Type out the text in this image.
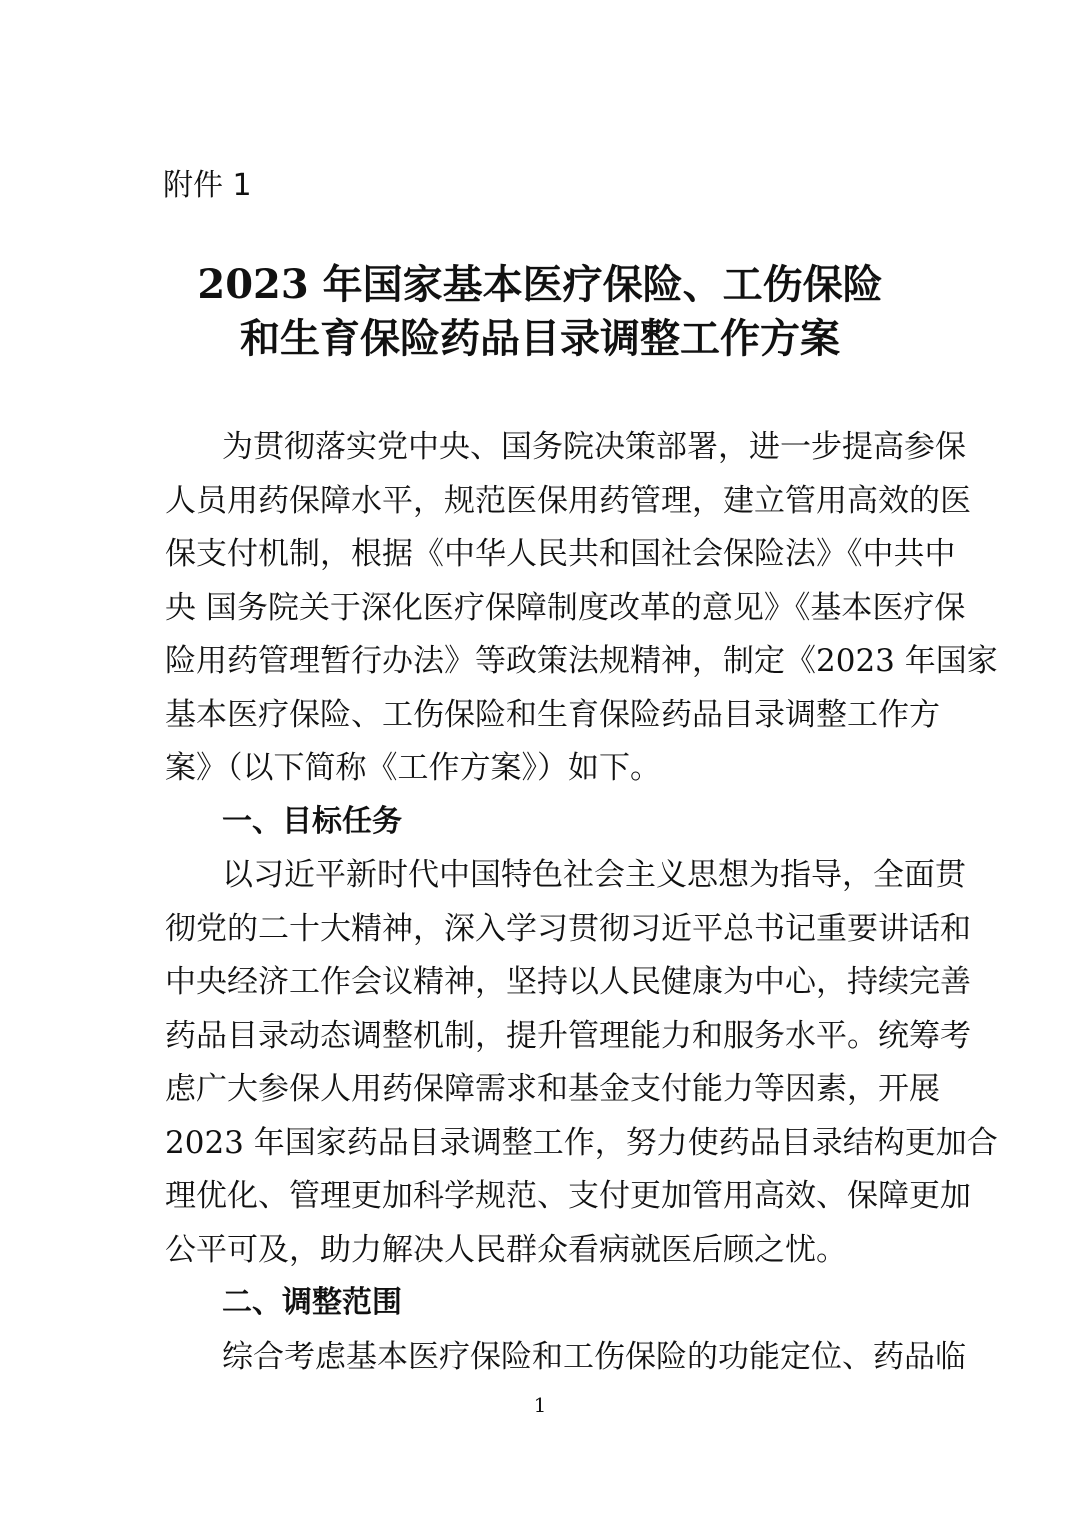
附件 1
2023 年国家基本医疗保险、工伤保险
和生育保险药品目录调整工作方案
为贯彻落实党中央、国务院决策部署，进一步提高参保
人员用药保障水平，规范医保用药管理，建立管用高效的医
保支付机制，根据《中华人民共和国社会保险法》《中共中
央 国务院关于深化医疗保障制度改革的意见》《基本医疗保
险用药管理暂行办法》等政策法规精神，制定《2023 年国家
基本医疗保险、工伤保险和生育保险药品目录调整工作方
案》（以下简称《工作方案》）如下。
一、目标任务
以习近平新时代中国特色社会主义思想为指导，全面贯
彻党的二十大精神，深入学习贯彻习近平总书记重要讲话和
中央经济工作会议精神，坚持以人民健康为中心，持续完善
药品目录动态调整机制，提升管理能力和服务水平。统筹考
虑广大参保人用药保障需求和基金支付能力等因素，开展
2023 年国家药品目录调整工作，努力使药品目录结构更加合
理优化、管理更加科学规范、支付更加管用高效、保障更加
公平可及，助力解决人民群众看病就医后顾之忧。
二、调整范围
综合考虑基本医疗保险和工伤保险的功能定位、药品临
1
